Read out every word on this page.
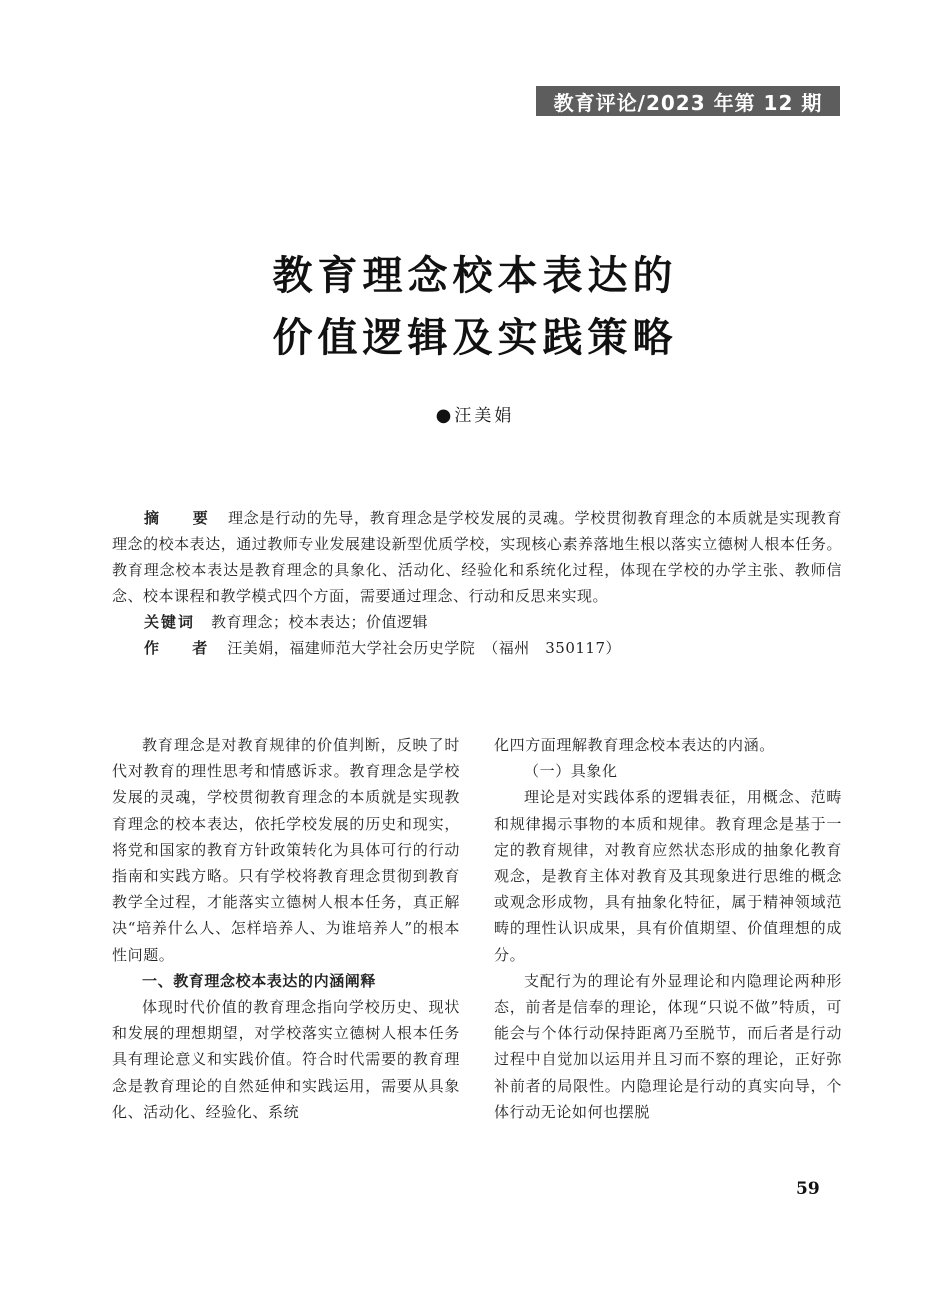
教育评论/2023 年第 12 期
教育理念校本表达的
价值逻辑及实践策略
●汪美娟

摘 要 理念是行动的先导，教育理念是学校发展的灵魂。学校贯彻教育理念的本质就是实现教育理念的校本表达，通过教师专业发展建设新型优质学校，实现核心素养落地生根以落实立德树人根本任务。教育理念校本表达是教育理念的具象化、活动化、经验化和系统化过程，体现在学校的办学主张、教师信念、校本课程和教学模式四个方面，需要通过理念、行动和反思来实现。

关键词 教育理念；校本表达；价值逻辑

作 者 汪美娟，福建师范大学社会历史学院　（福州　350117）

教育理念是对教育规律的价值判断，反映了时代对教育的理性思考和情感诉求。教育理念是学校发展的灵魂，学校贯彻教育理念的本质就是实现教育理念的校本表达，依托学校发展的历史和现实，将党和国家的教育方针政策转化为具体可行的行动指南和实践方略。只有学校将教育理念贯彻到教育教学全过程，才能落实立德树人根本任务，真正解决“培养什么人、怎样培养人、为谁培养人”的根本性问题。

一、教育理念校本表达的内涵阐释

体现时代价值的教育理念指向学校历史、现状和发展的理想期望，对学校落实立德树人根本任务具有理论意义和实践价值。符合时代需要的教育理念是教育理论的自然延伸和实践运用，需要从具象化、活动化、经验化、系统

化四方面理解教育理念校本表达的内涵。

（一）具象化

理论是对实践体系的逻辑表征，用概念、范畴和规律揭示事物的本质和规律。教育理念是基于一定的教育规律，对教育应然状态形成的抽象化教育观念，是教育主体对教育及其现象进行思维的概念或观念形成物，具有抽象化特征，属于精神领域范畴的理性认识成果，具有价值期望、价值理想的成分。

支配行为的理论有外显理论和内隐理论两种形态，前者是信奉的理论，体现“只说不做”特质，可能会与个体行动保持距离乃至脱节，而后者是行动过程中自觉加以运用并且习而不察的理论，正好弥补前者的局限性。内隐理论是行动的真实向导，个体行动无论如何也摆脱

59
